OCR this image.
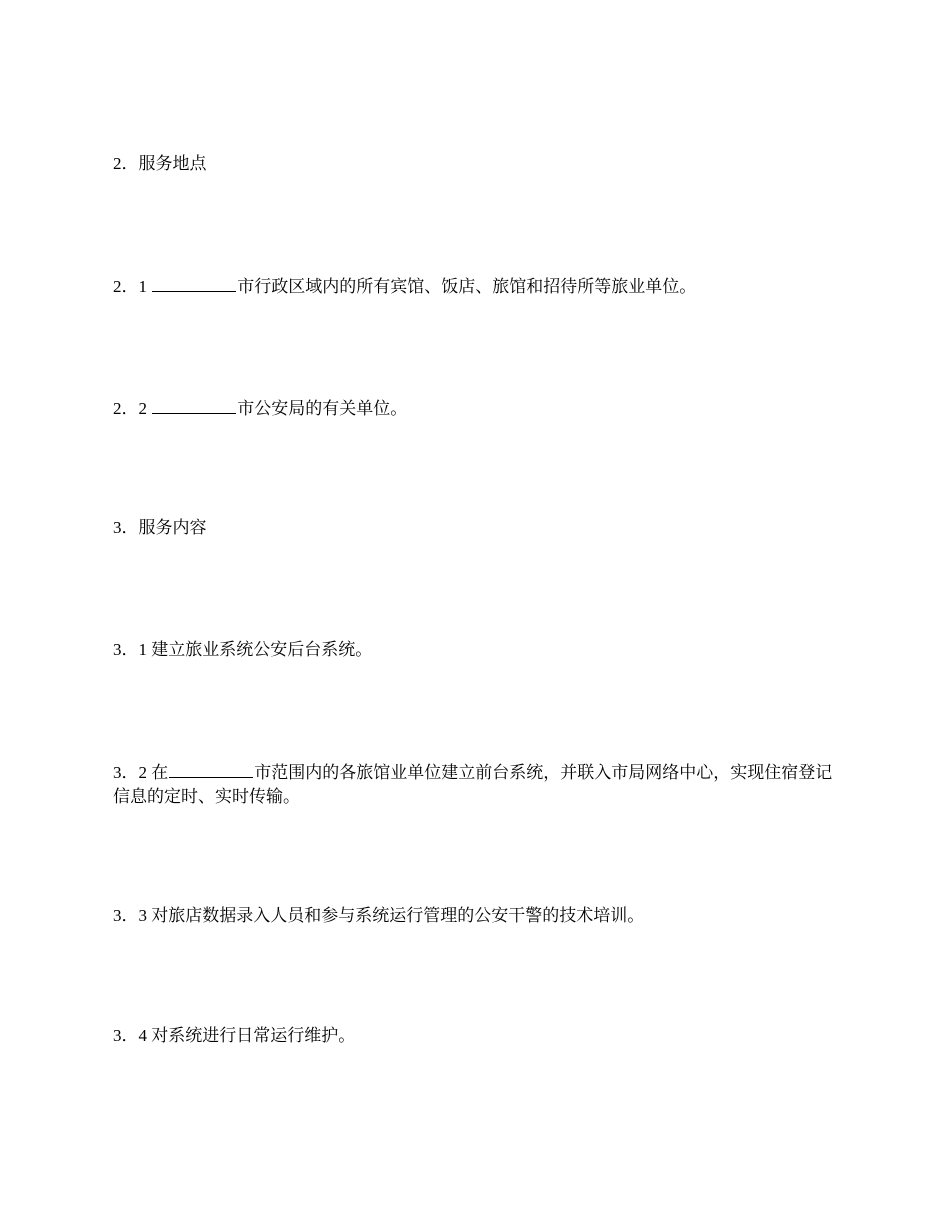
2．服务地点

2．1	市行政区域内的所有宾馆、饭店、旅馆和招待所等旅业单位。

2．2	市公安局的有关单位。

3．服务内容

3．1 建立旅业系统公安后台系统。

3．2 在	市范围内的各旅馆业单位建立前台系统，并联入市局网络中心，实现住宿登记信息的定时、实时传输。

3．3 对旅店数据录入人员和参与系统运行管理的公安干警的技术培训。

3．4 对系统进行日常运行维护。
